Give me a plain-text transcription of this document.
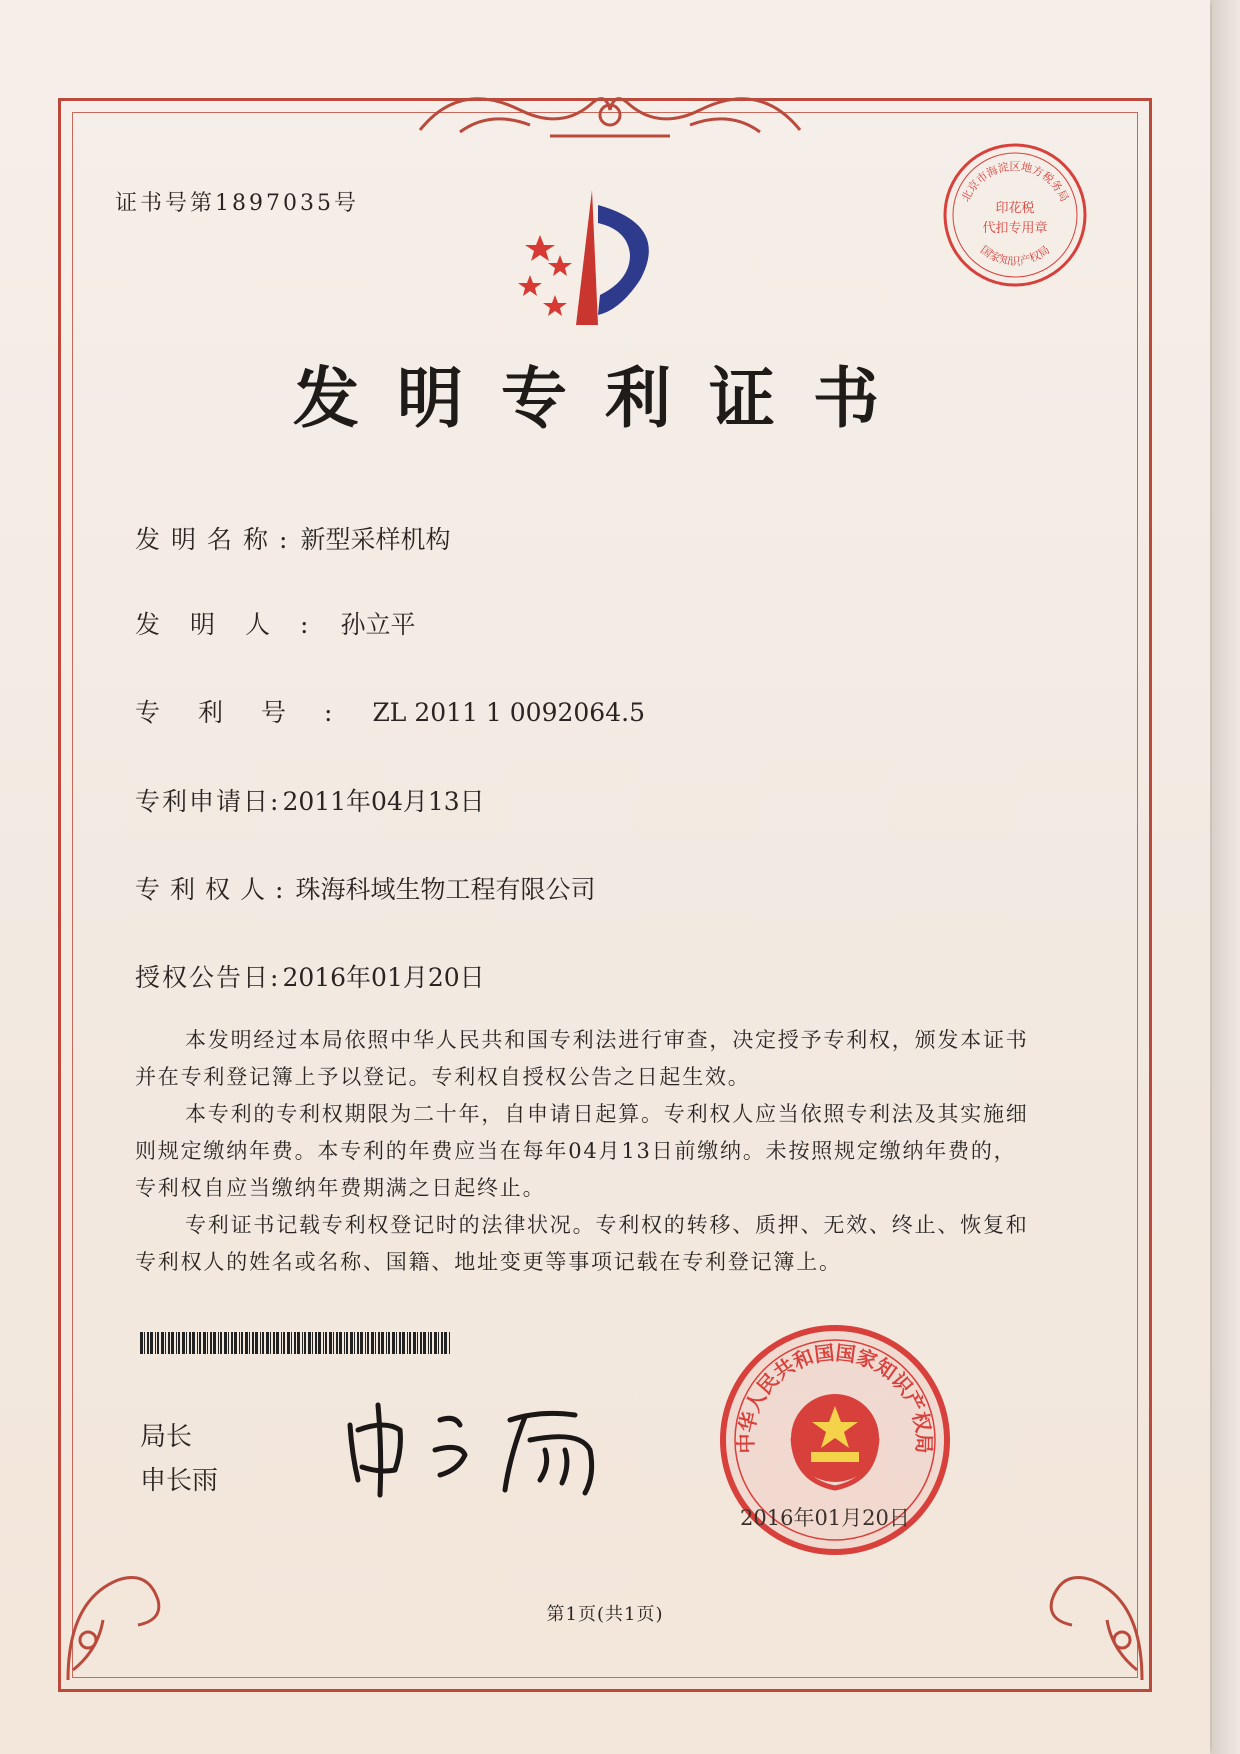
证书号第1897035号
发明专利证书
发明名称:新型采样机构
发明人:孙立平
专利号:ZL 2011 1 0092064.5
专利申请日:2011年04月13日
专利权人:珠海科域生物工程有限公司
授权公告日:2016年01月20日
本发明经过本局依照中华人民共和国专利法进行审查，决定授予专利权，颁发本证书
并在专利登记簿上予以登记。专利权自授权公告之日起生效。
本专利的专利权期限为二十年，自申请日起算。专利权人应当依照专利法及其实施细
则规定缴纳年费。本专利的年费应当在每年04月13日前缴纳。未按照规定缴纳年费的，
专利权自应当缴纳年费期满之日起终止。
专利证书记载专利权登记时的法律状况。专利权的转移、质押、无效、终止、恢复和
专利权人的姓名或名称、国籍、地址变更等事项记载在专利登记簿上。
局长
申长雨
中华人民共和国国家知识产权局
2016年01月20日
北京市海淀区地方税务局
国家知识产权局
印花税
代扣专用章
第1页(共1页)
